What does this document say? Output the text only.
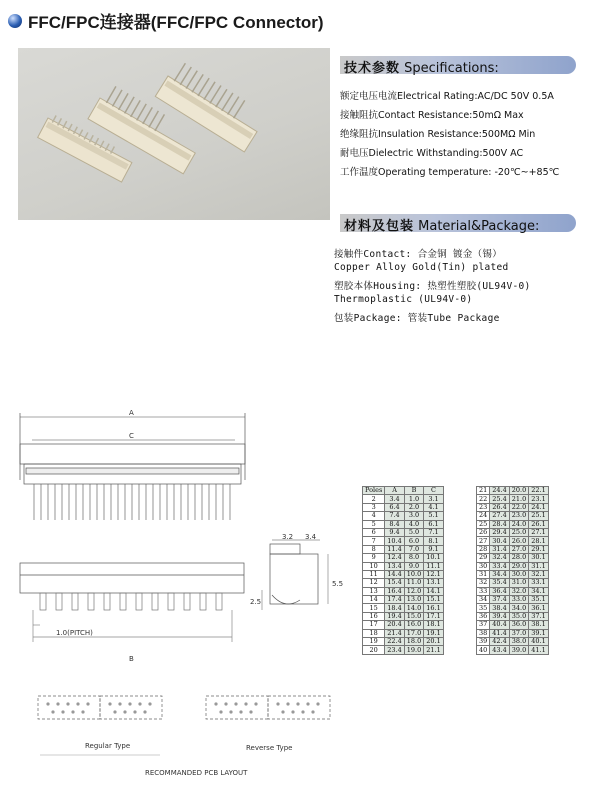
FFC/FPC连接器(FFC/FPC Connector)
技术参数 Specifications:
额定电压电流Electrical Rating:AC/DC 50V 0.5A
接触阻抗Contact Resistance:50mΩ Max
绝缘阻抗Insulation Resistance:500MΩ Min
耐电压Dielectric Withstanding:500V AC
工作温度Operating temperature: -20℃~+85℃
材料及包装 Material&Package:
接触件Contact: 合金铜 镀金（锡）
Copper Alloy Gold(Tin) plated
塑胶本体Housing: 热塑性塑胶(UL94V-0)
Thermoplastic (UL94V-0)
包装Package: 管装Tube Package
A
C
B
1.0(PITCH)
3.2 3.4
5.5
2.5
Regular Type	Reverse Type
RECOMMANDED PCB LAYOUT
Poles	A	B	C
2	3.4	1.0	3.1
3	6.4	2.0	4.1
4	7.4	3.0	5.1
5	8.4	4.0	6.1
6	9.4	5.0	7.1
7	10.4	6.0	8.1
8	11.4	7.0	9.1
9	12.4	8.0	10.1
10	13.4	9.0	11.1
11	14.4	10.0	12.1
12	15.4	11.0	13.1
13	16.4	12.0	14.1
14	17.4	13.0	15.1
15	18.4	14.0	16.1
16	19.4	15.0	17.1
17	20.4	16.0	18.1
18	21.4	17.0	19.1
19	22.4	18.0	20.1
20	23.4	19.0	21.1
21	24.4	20.0	22.1
22	25.4	21.0	23.1
23	26.4	22.0	24.1
24	27.4	23.0	25.1
25	28.4	24.0	26.1
26	29.4	25.0	27.1
27	30.4	26.0	28.1
28	31.4	27.0	29.1
29	32.4	28.0	30.1
30	33.4	29.0	31.1
31	34.4	30.0	32.1
32	35.4	31.0	33.1
33	36.4	32.0	34.1
34	37.4	33.0	35.1
35	38.4	34.0	36.1
36	39.4	35.0	37.1
37	40.4	36.0	38.1
38	41.4	37.0	39.1
39	42.4	38.0	40.1
40	43.4	39.0	41.1
